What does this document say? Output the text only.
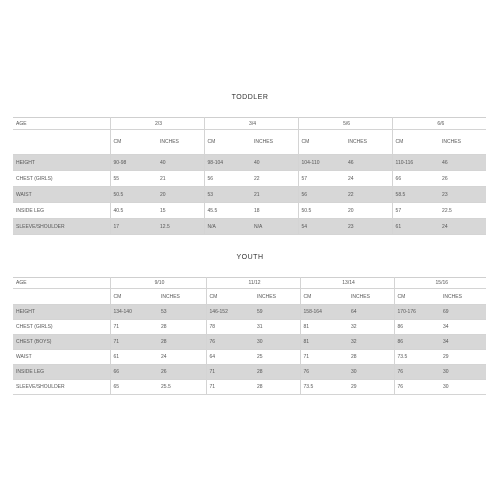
TODDLER
AGE	2/3		3/4		5/6		6/6	
	CM	INCHES	CM	INCHES	CM	INCHES	CM	INCHES
HEIGHT	90-98	40	98-104	40	104-110	46	110-116	46
CHEST (GIRLS)	55	21	56	22	57	24	66	26
WAIST	50.5	20	53	21	56	22	58.5	23
INSIDE LEG	40.5	15	45.5	18	50.5	20	57	22.5
SLEEVE/SHOULDER	17	12.5	N/A	N/A	54	23	61	24
YOUTH
AGE	9/10		11/12		13/14		15/16	
	CM	INCHES	CM	INCHES	CM	INCHES	CM	INCHES
HEIGHT	134-140	53	146-152	59	158-164	64	170-176	69
CHEST (GIRLS)	71	28	78	31	81	32	86	34
CHEST (BOYS)	71	28	76	30	81	32	86	34
WAIST	61	24	64	25	71	28	73.5	29
INSIDE LEG	66	26	71	28	76	30	76	30
SLEEVE/SHOULDER	65	25.5	71	28	73.5	29	76	30
